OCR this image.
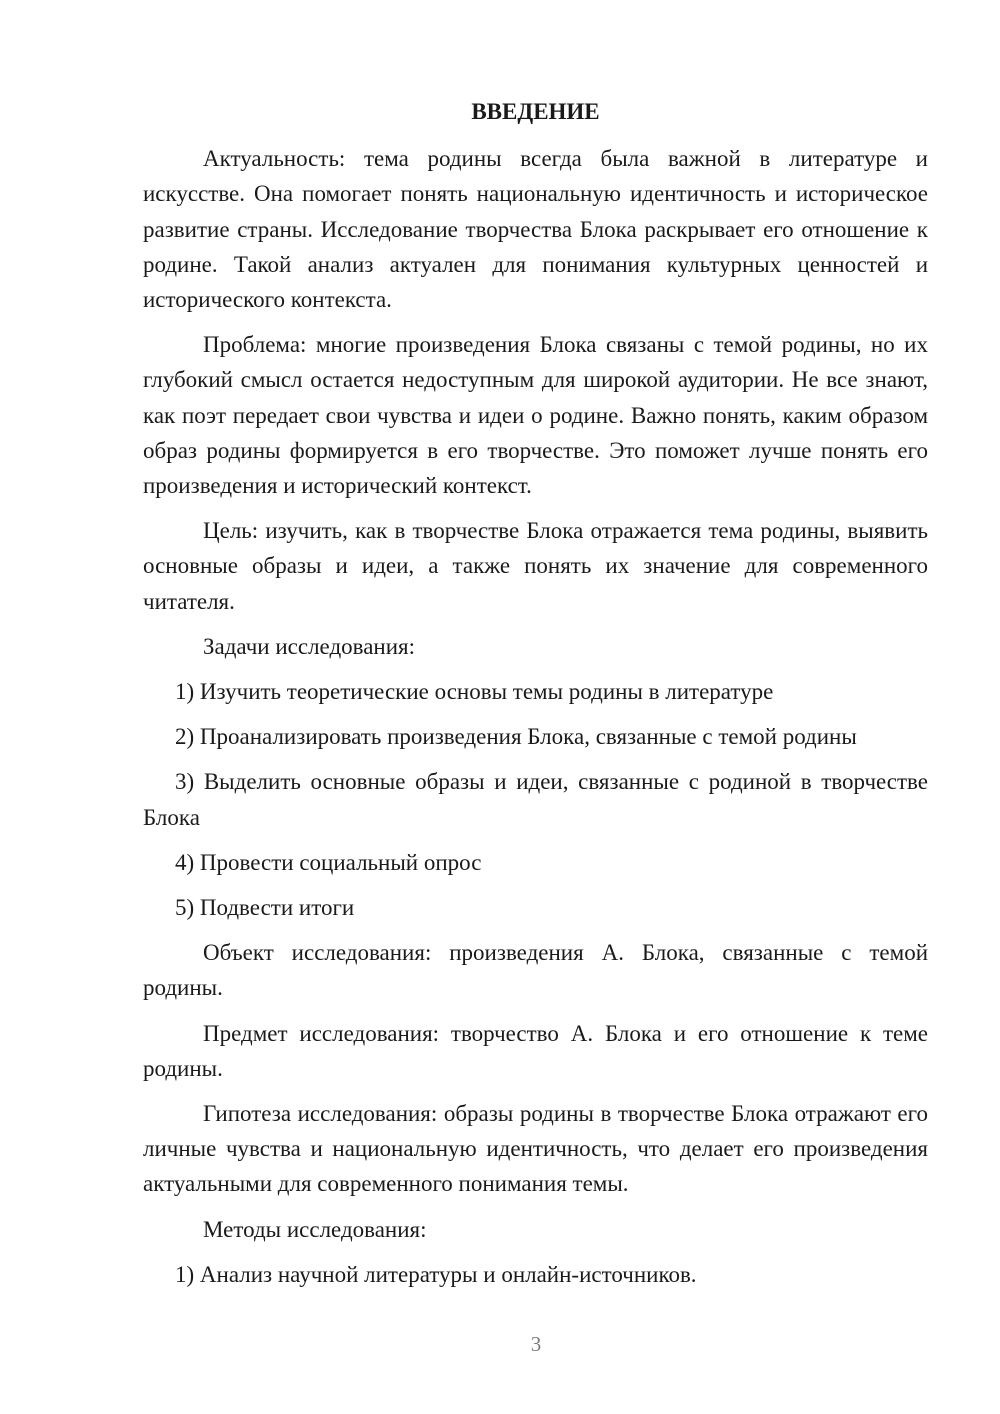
ВВЕДЕНИЕ

Актуальность: тема родины всегда была важной в литературе и искусстве. Она помогает понять национальную идентичность и историческое развитие страны. Исследование творчества Блока раскрывает его отношение к родине. Такой анализ актуален для понимания культурных ценностей и исторического контекста.

Проблема: многие произведения Блока связаны с темой родины, но их глубокий смысл остается недоступным для широкой аудитории. Не все знают, как поэт передает свои чувства и идеи о родине. Важно понять, каким образом образ родины формируется в его творчестве. Это поможет лучше понять его произведения и исторический контекст.

Цель: изучить, как в творчестве Блока отражается тема родины, выявить основные образы и идеи, а также понять их значение для современного читателя.

Задачи исследования:

1) Изучить теоретические основы темы родины в литературе

2) Проанализировать произведения Блока, связанные с темой родины

3) Выделить основные образы и идеи, связанные с родиной в творчестве Блока

4) Провести социальный опрос

5) Подвести итоги

Объект исследования: произведения А. Блока, связанные с темой родины.

Предмет исследования: творчество А. Блока и его отношение к теме родины.

Гипотеза исследования: образы родины в творчестве Блока отражают его личные чувства и национальную идентичность, что делает его произведения актуальными для современного понимания темы.

Методы исследования:

1) Анализ научной литературы и онлайн-источников.

3
